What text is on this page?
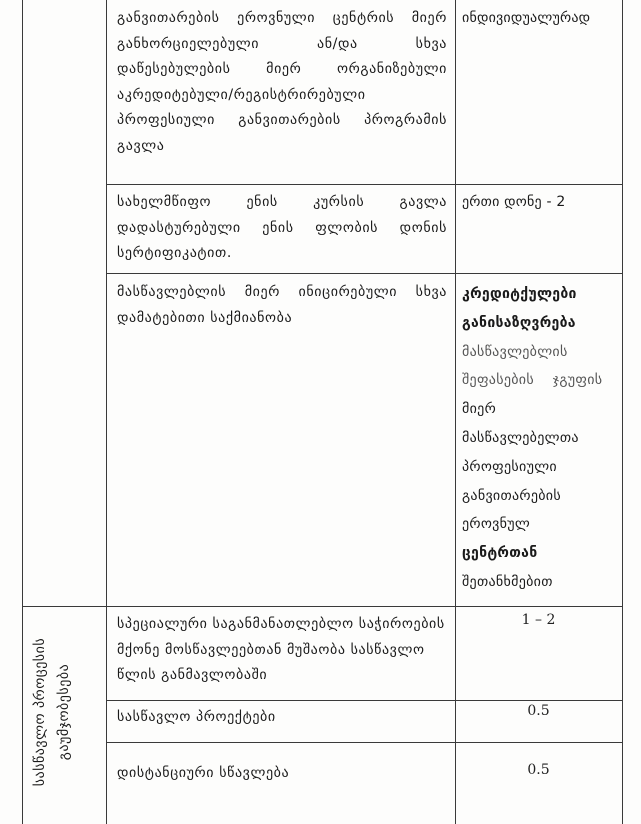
განვითარების ეროვნული ცენტრის მიერ განხორციელებული ან/და სხვა დაწესებულების მიერ ორგანიზებული აკრედიტებული/რეგისტრირებული პროფესიული განვითარების პროგრამის გავლა
ინდივიდუალურად
სახელმწიფო ენის კურსის გავლა დადასტურებული ენის ფლობის დონის სერტიფიკატით.
ერთი დონე - 2
მასწავლებლის მიერ ინიცირებული სხვა დამატებითი საქმიანობა
კრედიტქულები
განისაზღვრება
მასწავლებლის
შეფასების ჯგუფის
მიერ
მასწავლებელთა
პროფესიული
განვითარების
ეროვნულ
ცენტრთან
შეთანხმებით
სასწავლო პროცესის გაუმჯობესება
სპეციალური საგანმანათლებლო საჭიროების მქონე მოსწავლეებთან მუშაობა სასწავლო წლის განმავლობაში
1 – 2
სასწავლო პროექტები	0.5
დისტანციური სწავლება	0.5
